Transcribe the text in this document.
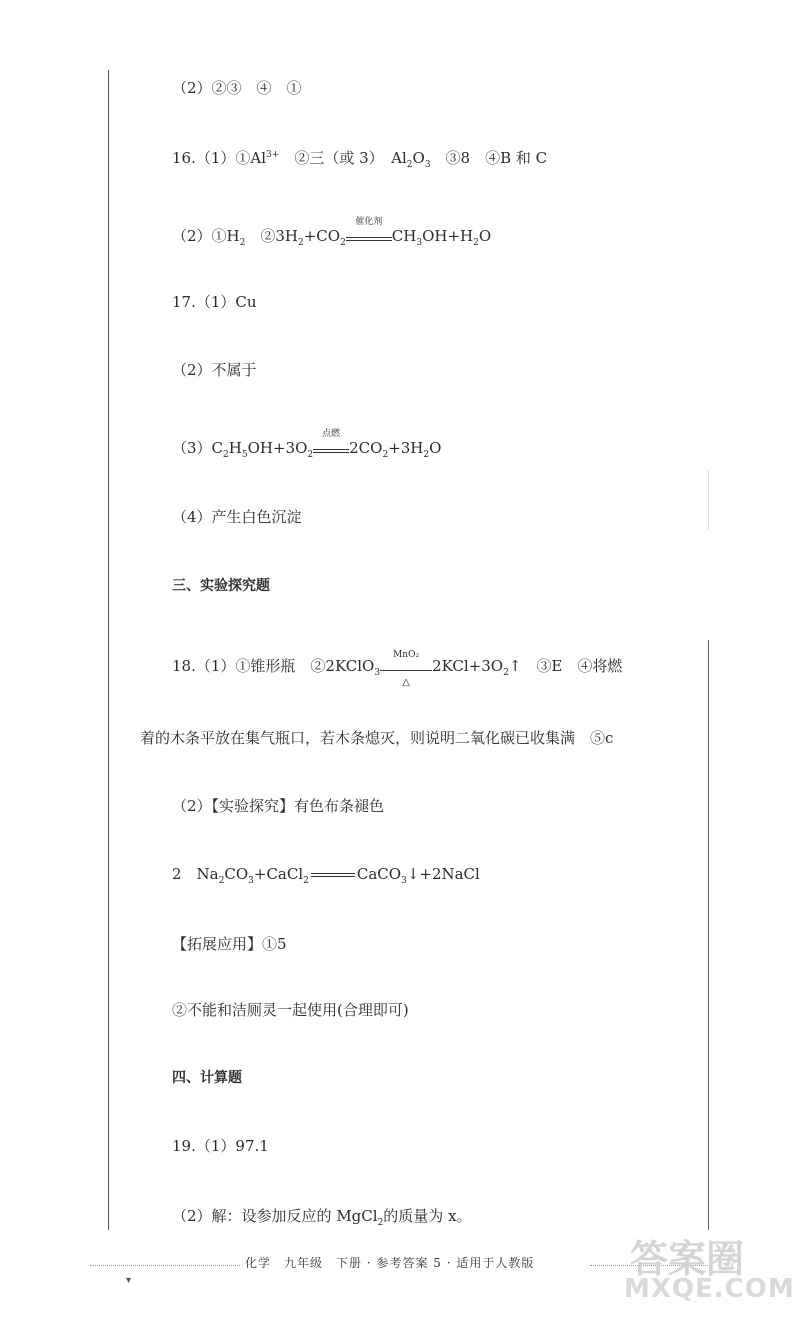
（2）②③　④　①
$16.(1)①Al^{3+}$　②三（或 3）　$Al_2O_3$　③8　④B 和 C
$(2)①H_2$　$②3H_2+CO_2$
催化剂
$CH_3OH+H_2O$
17.（1）Cu
（2）不属于
$(3)C_2H_5OH+3O_2$
点燃
$2CO_2+3H_2O$
（4）产生白色沉淀
三、实验探究题
18.（1）①锥形瓶　②2KClO$_3$
MnO₂
△
$2KCl+3O_2↑$　③E　④将燃
着的木条平放在集气瓶口，若木条熄灭，则说明二氧化碳已收集满　⑤c
（2）【实验探究】有色布条褪色
2　$Na_2CO_3+CaCl_2$	CaCO$_3$↓+2NaCl
【拓展应用】①5
②不能和洁厕灵一起使用(合理即可)
四、计算题
19.（1）97.1
（2）解：设参加反应的 MgCl$_2$的质量为 x。
化学　九年级　下册 · 参考答案 5 · 适用于人教版
▾	答案圈
MXQE.COM
